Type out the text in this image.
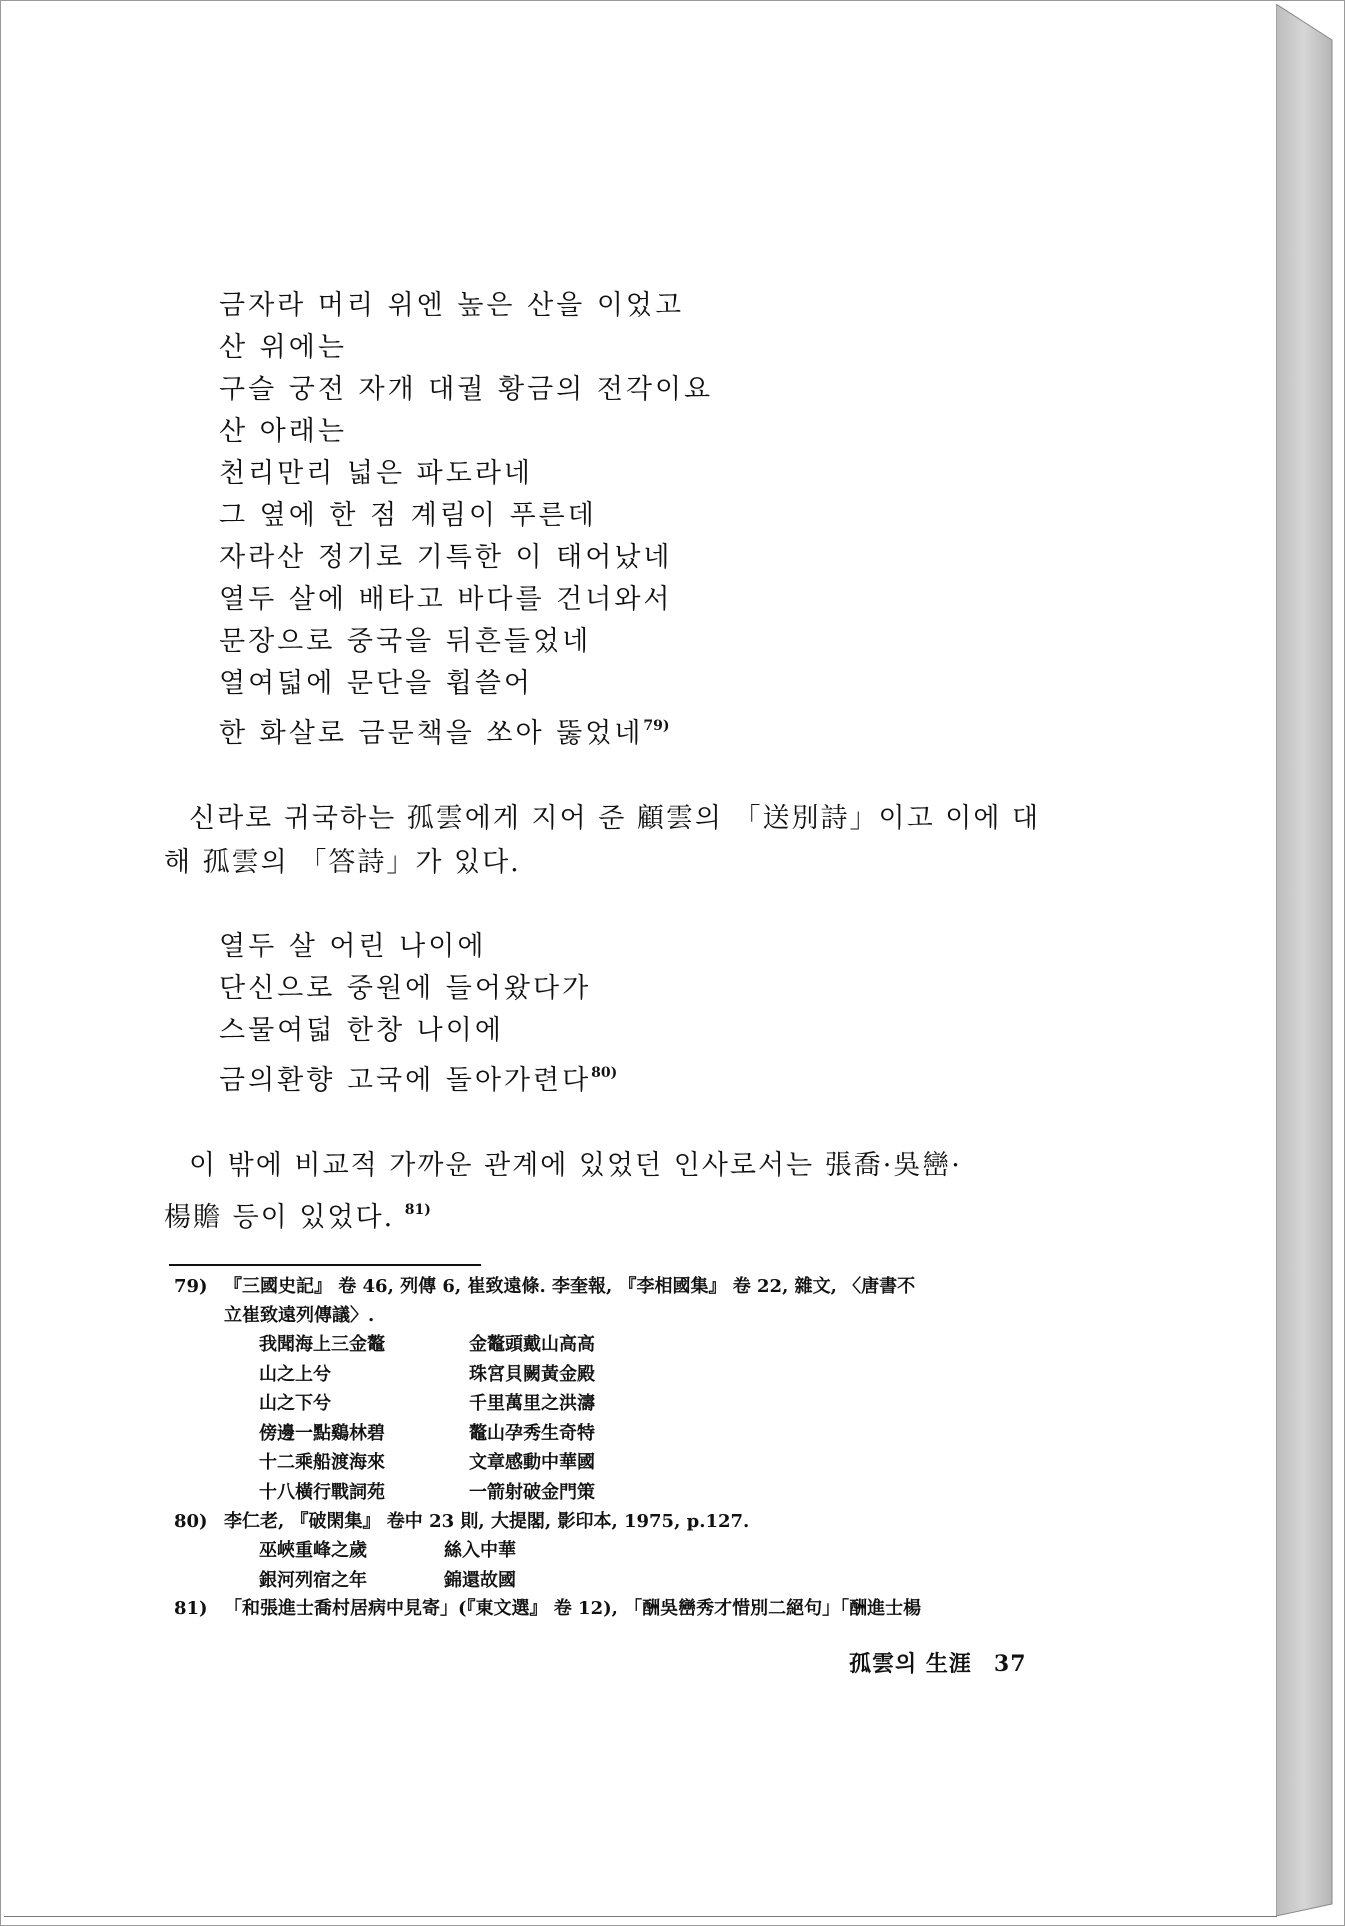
금자라 머리 위엔 높은 산을 이었고
산 위에는
구슬 궁전 자개 대궐 황금의 전각이요
산 아래는
천리만리 넓은 파도라네
그 옆에 한 점 계림이 푸른데
자라산 정기로 기특한 이 태어났네
열두 살에 배타고 바다를 건너와서
문장으로 중국을 뒤흔들었네
열여덟에 문단을 휩쓸어
한 화살로 금문책을 쏘아 뚫었네$^{79)}$
신라로 귀국하는 孤雲에게 지어 준 顧雲의 「送別詩」이고 이에 대
해 孤雲의 「答詩」가 있다.
열두 살 어린 나이에
단신으로 중원에 들어왔다가
스물여덟 한창 나이에
금의환향 고국에 돌아가련다$^{80)}$
이 밖에 비교적 가까운 관계에 있었던 인사로서는 張喬·吳巒·
楊贍 등이 있었다. $^{81)}$
79) 『三國史記』 卷 46, 列傳 6, 崔致遠條. 李奎報, 『李相國集』 卷 22, 雜文, 〈唐書不
立崔致遠列傳議〉.
我聞海上三金鼇	金鼇頭戴山高高
山之上兮	珠宮貝闕黃金殿
山之下兮	千里萬里之洪濤
傍邊一點鷄林碧	鼇山孕秀生奇特
十二乘船渡海來	文章感動中華國
十八橫行戰詞苑	一箭射破金門策
80) 李仁老, 『破閑集』 卷中 23 則, 大提閣, 影印本, 1975, p.127.
巫峽重峰之歲	絲入中華
銀河列宿之年	錦還故國
81) 「和張進士喬村居病中見寄」(『東文選』 卷 12), 「酬吳巒秀才惜別二絕句」「酬進士楊
孤雲의 生涯 37
